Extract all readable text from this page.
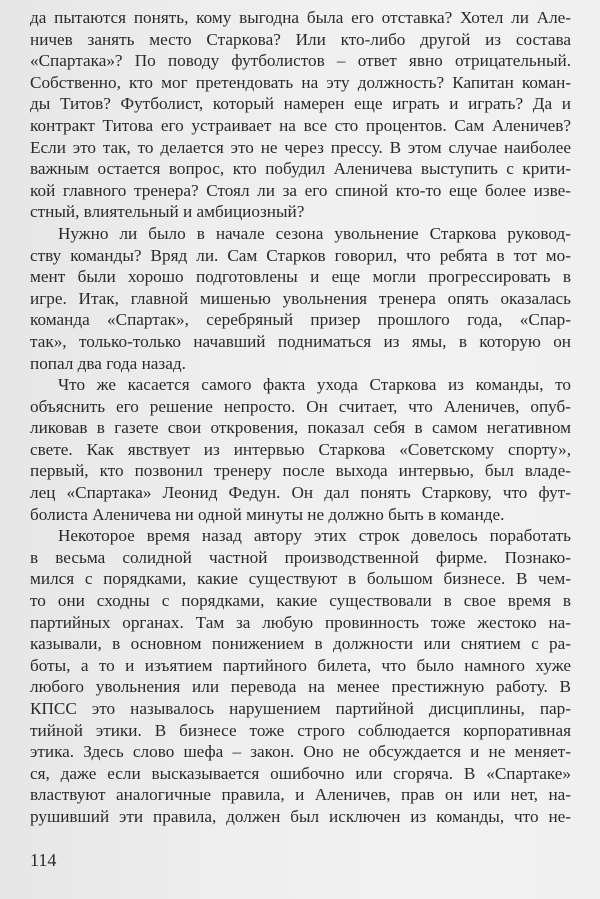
да пытаются понять, кому выгодна была его отставка? Хотел ли Але-
ничев занять место Старкова? Или кто-либо другой из состава
«Спартака»? По поводу футболистов – ответ явно отрицательный.
Собственно, кто мог претендовать на эту должность? Капитан коман-
ды Титов? Футболист, который намерен еще играть и играть? Да и
контракт Титова его устраивает на все сто процентов. Сам Аленичев?
Если это так, то делается это не через прессу. В этом случае наиболее
важным остается вопрос, кто побудил Аленичева выступить с крити-
кой главного тренера? Стоял ли за его спиной кто-то еще более изве-
стный, влиятельный и амбициозный?
Нужно ли было в начале сезона увольнение Старкова руковод-
ству команды? Вряд ли. Сам Старков говорил, что ребята в тот мо-
мент были хорошо подготовлены и еще могли прогрессировать в
игре. Итак, главной мишенью увольнения тренера опять оказалась
команда «Спартак», серебряный призер прошлого года, «Спар-
так», только-только начавший подниматься из ямы, в которую он
попал два года назад.
Что же касается самого факта ухода Старкова из команды, то
объяснить его решение непросто. Он считает, что Аленичев, опуб-
ликовав в газете свои откровения, показал себя в самом негативном
свете. Как явствует из интервью Старкова «Советскому спорту»,
первый, кто позвонил тренеру после выхода интервью, был владе-
лец «Спартака» Леонид Федун. Он дал понять Старкову, что фут-
болиста Аленичева ни одной минуты не должно быть в команде.
Некоторое время назад автору этих строк довелось поработать
в весьма солидной частной производственной фирме. Познако-
мился с порядками, какие существуют в большом бизнесе. В чем-
то они сходны с порядками, какие существовали в свое время в
партийных органах. Там за любую провинность тоже жестоко на-
казывали, в основном понижением в должности или снятием с ра-
боты, а то и изъятием партийного билета, что было намного хуже
любого увольнения или перевода на менее престижную работу. В
КПСС это называлось нарушением партийной дисциплины, пар-
тийной этики. В бизнесе тоже строго соблюдается корпоративная
этика. Здесь слово шефа – закон. Оно не обсуждается и не меняет-
ся, даже если высказывается ошибочно или сгоряча. В «Спартаке»
властвуют аналогичные правила, и Аленичев, прав он или нет, на-
рушивший эти правила, должен был исключен из команды, что не-
114
